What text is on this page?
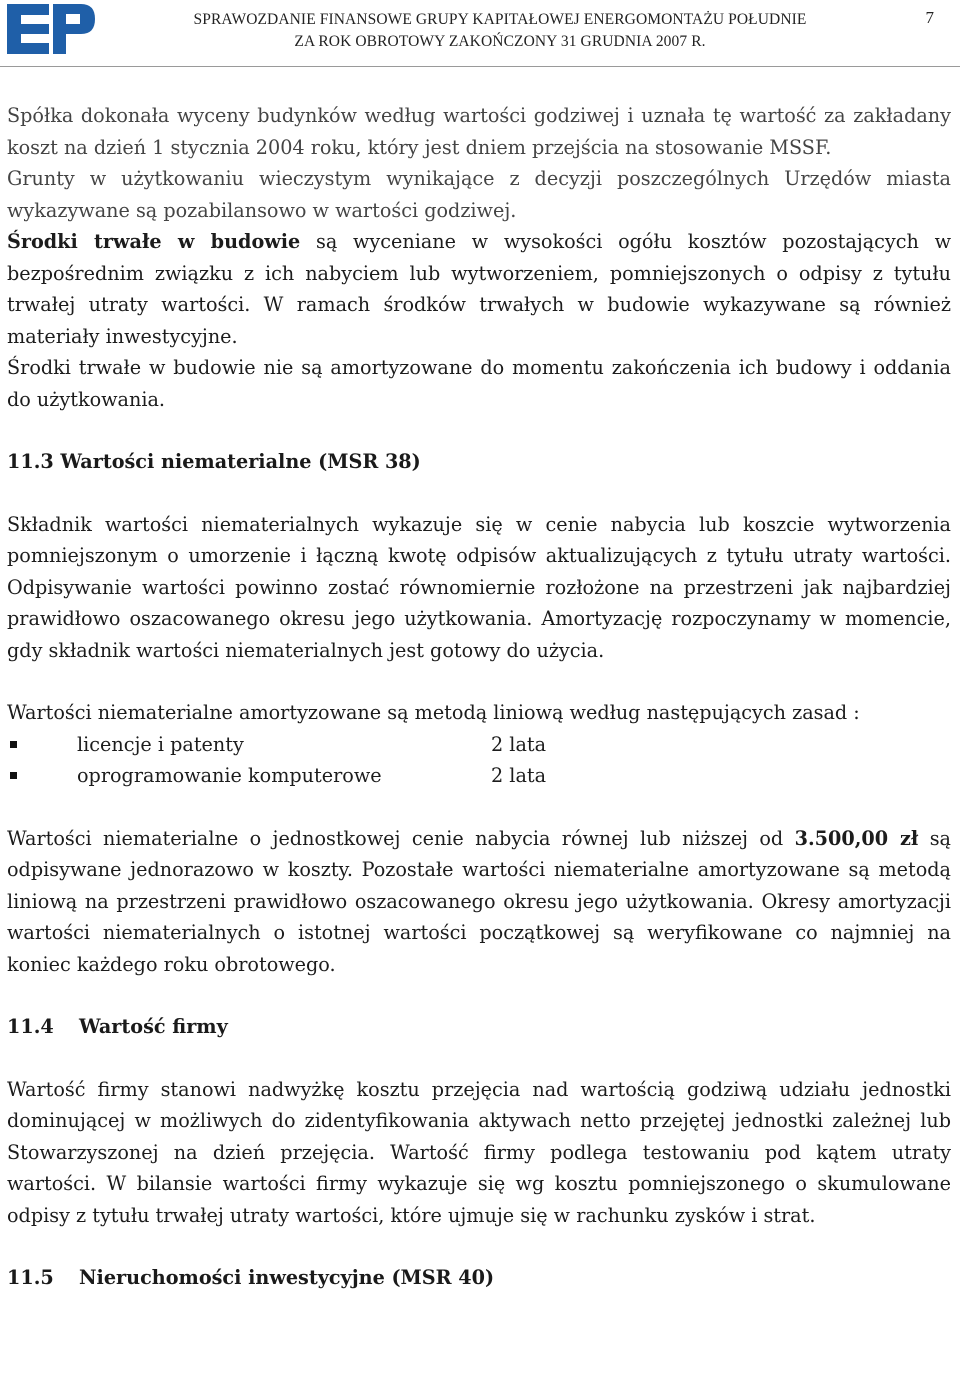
SPRAWOZDANIE FINANSOWE GRUPY KAPITAŁOWEJ ENERGOMONTAŻU POŁUDNIE
ZA ROK OBROTOWY ZAKOŃCZONY 31 GRUDNIA 2007 R.
7

Spółka dokonała wyceny budynków według wartości godziwej i uznała tę wartość za zakładany koszt na dzień 1 stycznia 2004 roku, który jest dniem przejścia na stosowanie MSSF.

Grunty w użytkowaniu wieczystym wynikające z decyzji poszczególnych Urzędów miasta wykazywane są pozabilansowo w wartości godziwej.

Środki trwałe w budowie są wyceniane w wysokości ogółu kosztów pozostających w bezpośrednim związku z ich nabyciem lub wytworzeniem, pomniejszonych o odpisy z tytułu trwałej utraty wartości. W ramach środków trwałych w budowie wykazywane są również materiały inwestycyjne.

Środki trwałe w budowie nie są amortyzowane do momentu zakończenia ich budowy i oddania do użytkowania.

11.3 Wartości niematerialne (MSR 38)

Składnik wartości niematerialnych wykazuje się w cenie nabycia lub koszcie wytworzenia pomniejszonym o umorzenie i łączną kwotę odpisów aktualizujących z tytułu utraty wartości. Odpisywanie wartości powinno zostać równomiernie rozłożone na przestrzeni jak najbardziej prawidłowo oszacowanego okresu jego użytkowania. Amortyzację rozpoczynamy w momencie, gdy składnik wartości niematerialnych jest gotowy do użycia.

Wartości niematerialne amortyzowane są metodą liniową według następujących zasad :

licencje i patenty	2 lata
oprogramowanie komputerowe	2 lata

Wartości niematerialne o jednostkowej cenie nabycia równej lub niższej od 3.500,00 zł są odpisywane jednorazowo w koszty. Pozostałe wartości niematerialne amortyzowane są metodą liniową na przestrzeni prawidłowo oszacowanego okresu jego użytkowania. Okresy amortyzacji wartości niematerialnych o istotnej wartości początkowej są weryfikowane co najmniej na koniec każdego roku obrotowego.

11.4 Wartość firmy

Wartość firmy stanowi nadwyżkę kosztu przejęcia nad wartością godziwą udziału jednostki dominującej w możliwych do zidentyfikowania aktywach netto przejętej jednostki zależnej lub Stowarzyszonej na dzień przejęcia. Wartość firmy podlega testowaniu pod kątem utraty wartości. W bilansie wartości firmy wykazuje się wg kosztu pomniejszonego o skumulowane odpisy z tytułu trwałej utraty wartości, które ujmuje się w rachunku zysków i strat.

11.5 Nieruchomości inwestycyjne (MSR 40)
